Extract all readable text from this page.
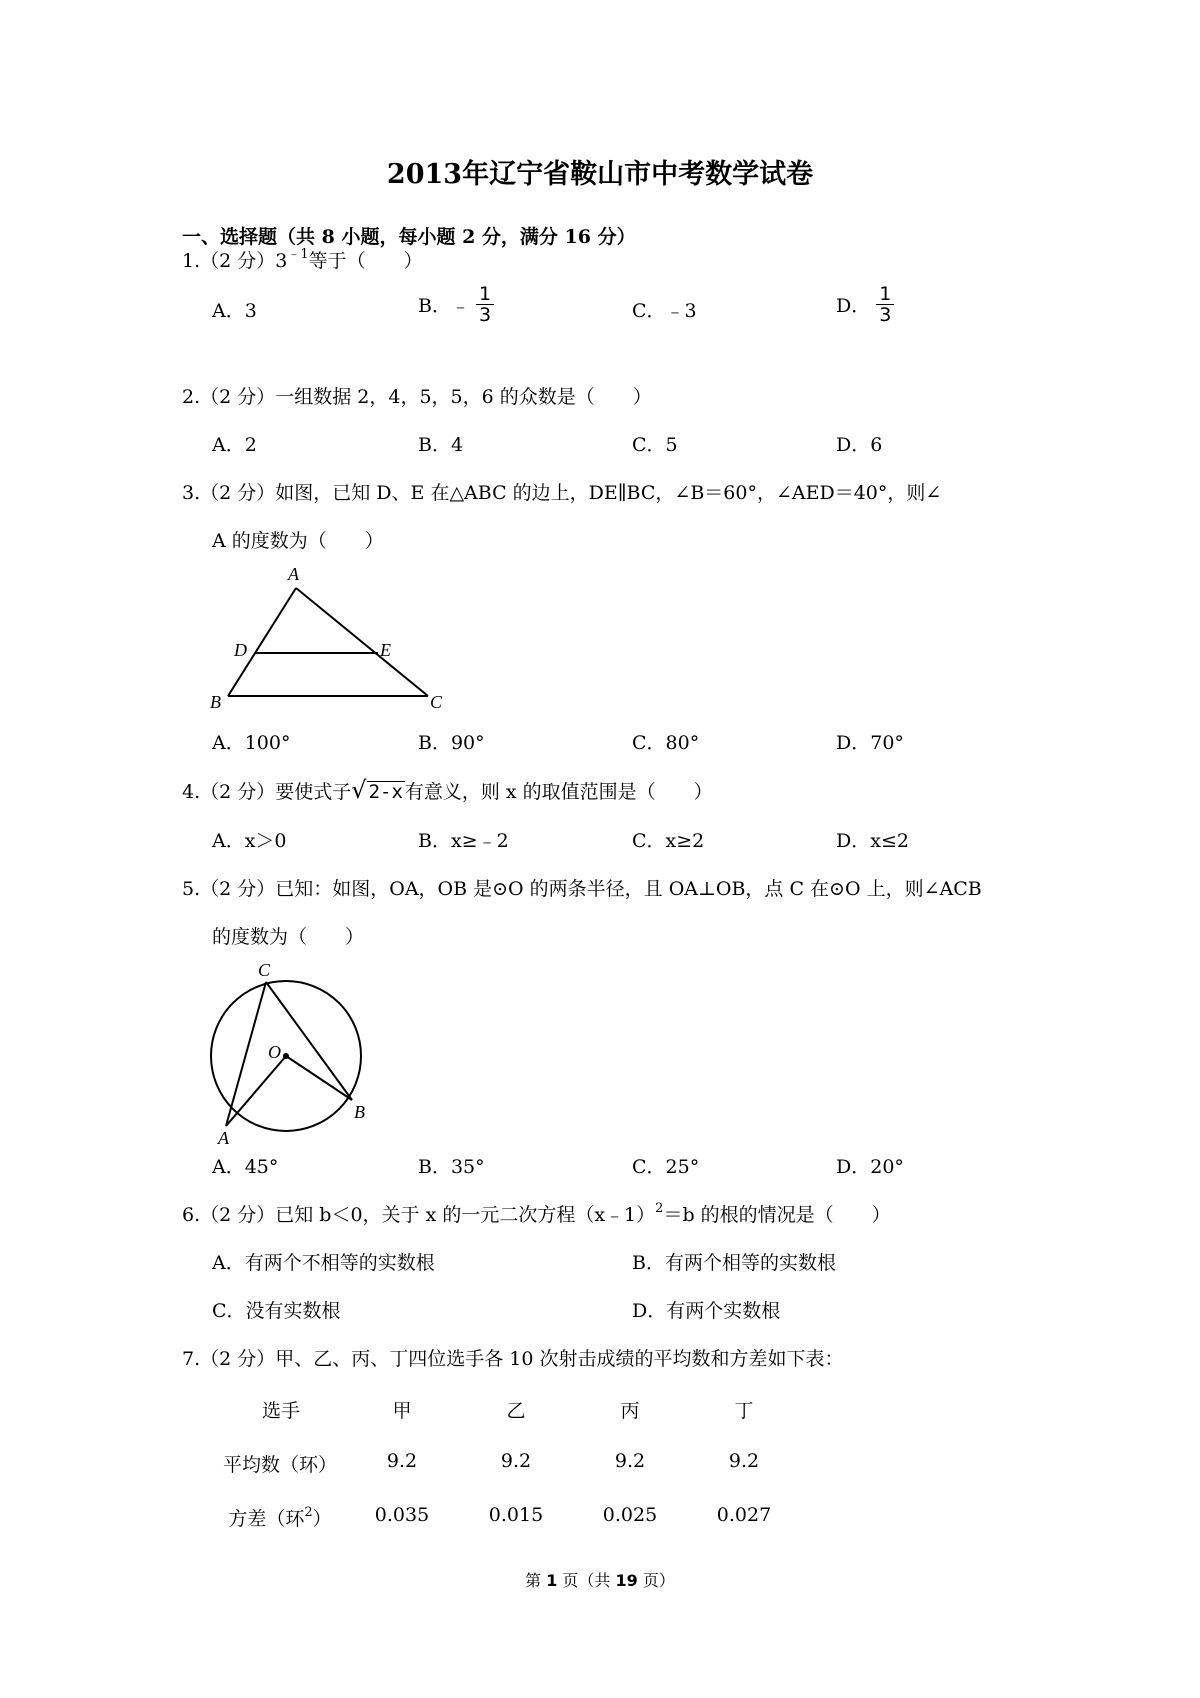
2013年辽宁省鞍山市中考数学试卷
一、选择题（共 8 小题，每小题 2 分，满分 16 分）
1.（2 分）$3^{﹣1}$等于（　　）
A．3	B．﹣ $\frac{1}{3}$	C．﹣3	D． $\frac{1}{3}$
2.（2 分）一组数据 2，4，5，5，6 的众数是（　　）
A．2	B．4	C．5	D．6
3.（2 分）如图，已知 D、E 在△ABC 的边上，DE∥BC，∠B＝60°，∠AED＝40°，则∠
A 的度数为（　　）
A
D	E
B	C
A．100°	B．90°	C．80°	D．70°
4.（2 分）要使式子√ 2-x 有意义，则 x 的取值范围是（　　）
A．x＞0	B．x≥﹣2	C．x≥2	D．x≤2
5.（2 分）已知：如图，OA，OB 是⊙O 的两条半径，且 OA⊥OB，点 C 在⊙O 上，则∠ACB
的度数为（　　）
C
O
B
A
A．45°	B．35°	C．25°	D．20°
6.（2 分）已知 b＜0，关于 x 的一元二次方程（x﹣1）$^2$＝b 的根的情况是（　　）
A．有两个不相等的实数根	B．有两个相等的实数根
C．没有实数根	D．有两个实数根
7.（2 分）甲、乙、丙、丁四位选手各 10 次射击成绩的平均数和方差如下表：
选手	甲	乙	丙	丁
平均数（环）	9.2	9.2	9.2	9.2
方差（环$^2$）	0.035	0.015	0.025	0.027
第 1 页（共 19 页）
